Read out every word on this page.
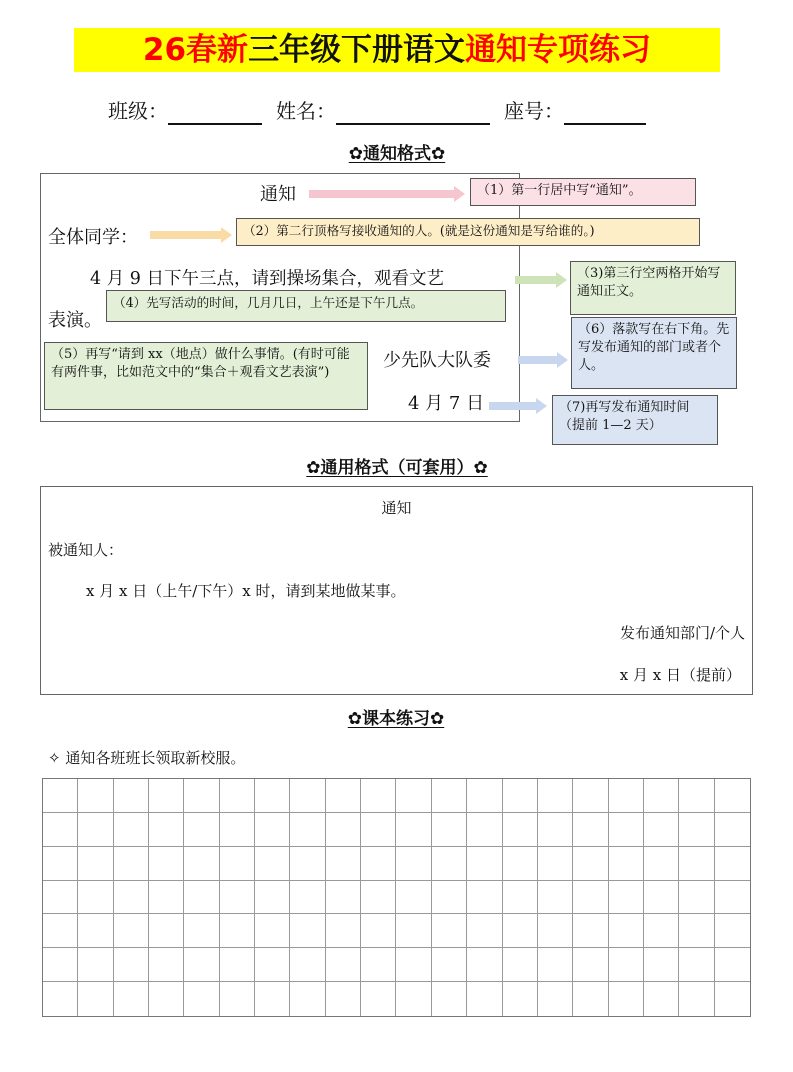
26春新三年级下册语文通知专项练习
班级：	姓名：	座号：
✿通知格式✿
通知	（1）第一行居中写“通知”。
全体同学：	（2）第二行顶格写接收通知的人。(就是这份通知是写给谁的。)
4 月 9 日下午三点，请到操场集合，观看文艺
表演。
（4）先写活动的时间，几月几日，上午还是下午几点。
（3)第三行空两格开始写通知正文。
（5）再写“请到 xx（地点）做什么事情。(有时可能有两件事，比如范文中的“集合＋观看文艺表演”)
少先队大队委
（6）落款写在右下角。先写发布通知的部门或者个人。
4 月 7 日	（7)再写发布通知时间（提前 1—2 天）
✿通用格式（可套用）✿
通知
被通知人：
x 月 x 日（上午/下午）x 时，请到某地做某事。
发布通知部门/个人
x 月 x 日（提前）
✿课本练习✿
✧ 通知各班班长领取新校服。
